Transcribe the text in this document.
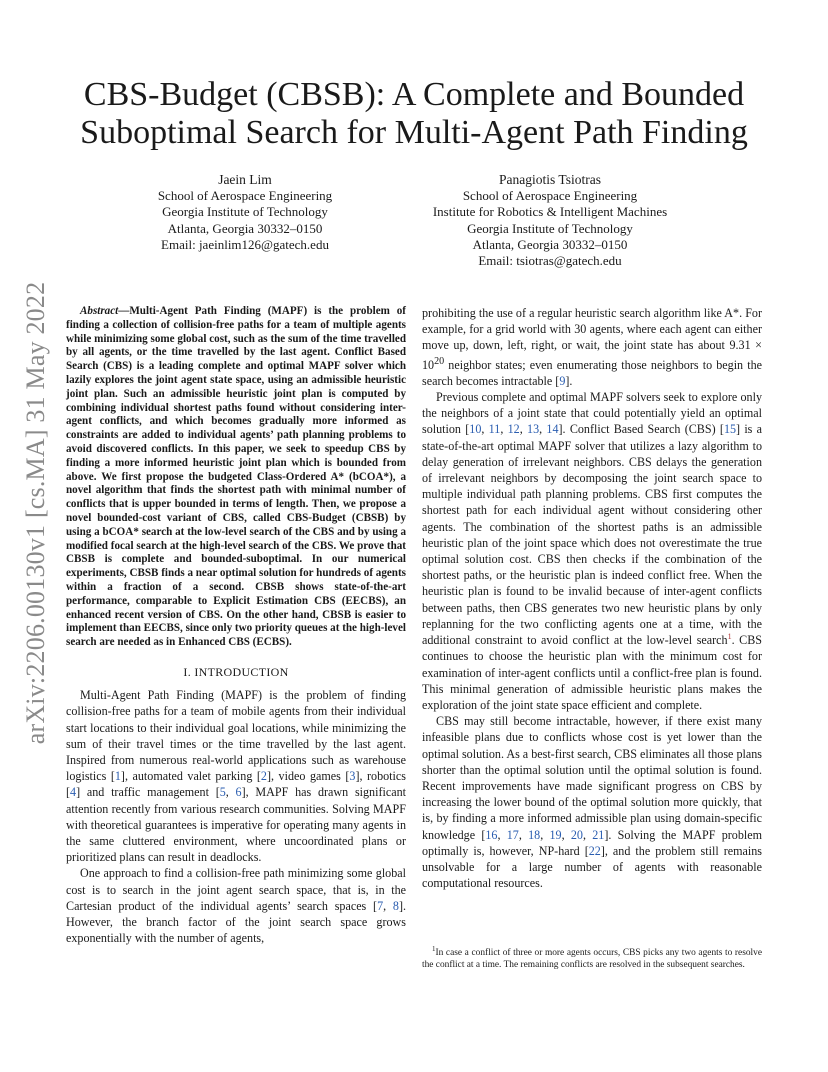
arXiv:2206.00130v1 [cs.MA] 31 May 2022
CBS-Budget (CBSB): A Complete and Bounded
Suboptimal Search for Multi-Agent Path Finding
Jaein Lim
School of Aerospace Engineering
Georgia Institute of Technology
Atlanta, Georgia 30332–0150
Email: jaeinlim126@gatech.edu
Panagiotis Tsiotras
School of Aerospace Engineering
Institute for Robotics & Intelligent Machines
Georgia Institute of Technology
Atlanta, Georgia 30332–0150
Email: tsiotras@gatech.edu

Abstract—Multi-Agent Path Finding (MAPF) is the problem of finding a collection of collision-free paths for a team of multiple agents while minimizing some global cost, such as the sum of the time travelled by all agents, or the time travelled by the last agent. Conflict Based Search (CBS) is a leading complete and optimal MAPF solver which lazily explores the joint agent state space, using an admissible heuristic joint plan. Such an admissible heuristic joint plan is computed by combining individual shortest paths found without considering inter-agent conflicts, and which becomes gradually more informed as constraints are added to individual agents’ path planning problems to avoid discovered conflicts. In this paper, we seek to speedup CBS by finding a more informed heuristic joint plan which is bounded from above. We first propose the budgeted Class-Ordered A* (bCOA*), a novel algorithm that finds the shortest path with minimal number of conflicts that is upper bounded in terms of length. Then, we propose a novel bounded-cost variant of CBS, called CBS-Budget (CBSB) by using a bCOA* search at the low-level search of the CBS and by using a modified focal search at the high-level search of the CBS. We prove that CBSB is complete and bounded-suboptimal. In our numerical experiments, CBSB finds a near optimal solution for hundreds of agents within a fraction of a second. CBSB shows state-of-the-art performance, comparable to Explicit Estimation CBS (EECBS), an enhanced recent version of CBS. On the other hand, CBSB is easier to implement than EECBS, since only two priority queues at the high-level search are needed as in Enhanced CBS (ECBS).

I. INTRODUCTION

Multi-Agent Path Finding (MAPF) is the problem of finding collision-free paths for a team of mobile agents from their individual start locations to their individual goal locations, while minimizing the sum of their travel times or the time travelled by the last agent. Inspired from numerous real-world applications such as warehouse logistics [1], automated valet parking [2], video games [3], robotics [4] and traffic management [5, 6], MAPF has drawn significant attention recently from various research communities. Solving MAPF with theoretical guarantees is imperative for operating many agents in the same cluttered environment, where uncoordinated plans or prioritized plans can result in deadlocks.

One approach to find a collision-free path minimizing some global cost is to search in the joint agent search space, that is, in the Cartesian product of the individual agents’ search spaces [7, 8]. However, the branch factor of the joint search space grows exponentially with the number of agents,

prohibiting the use of a regular heuristic search algorithm like A*. For example, for a grid world with 30 agents, where each agent can either move up, down, left, right, or wait, the joint state has about $9.31 \times 10^{20}$ neighbor states; even enumerating those neighbors to begin the search becomes intractable [9].

Previous complete and optimal MAPF solvers seek to explore only the neighbors of a joint state that could potentially yield an optimal solution [10, 11, 12, 13, 14]. Conflict Based Search (CBS) [15] is a state-of-the-art optimal MAPF solver that utilizes a lazy algorithm to delay generation of irrelevant neighbors. CBS delays the generation of irrelevant neighbors by decomposing the joint search space to multiple individual path planning problems. CBS first computes the shortest path for each individual agent without considering other agents. The combination of the shortest paths is an admissible heuristic plan of the joint space which does not overestimate the true optimal solution cost. CBS then checks if the combination of the shortest paths, or the heuristic plan is indeed conflict free. When the heuristic plan is found to be invalid because of inter-agent conflicts between paths, then CBS generates two new heuristic plans by only replanning for the two conflicting agents one at a time, with the additional constraint to avoid conflict at the low-level search$^1$. CBS continues to choose the heuristic plan with the minimum cost for examination of inter-agent conflicts until a conflict-free plan is found. This minimal generation of admissible heuristic plans makes the exploration of the joint state space efficient and complete.

CBS may still become intractable, however, if there exist many infeasible plans due to conflicts whose cost is yet lower than the optimal solution. As a best-first search, CBS eliminates all those plans shorter than the optimal solution until the optimal solution is found. Recent improvements have made significant progress on CBS by increasing the lower bound of the optimal solution more quickly, that is, by finding a more informed admissible plan using domain-specific knowledge [16, 17, 18, 19, 20, 21]. Solving the MAPF problem optimally is, however, NP-hard [22], and the problem still remains unsolvable for a large number of agents with reasonable computational resources.

$^1$In case a conflict of three or more agents occurs, CBS picks any two agents to resolve the conflict at a time. The remaining conflicts are resolved in the subsequent searches.
